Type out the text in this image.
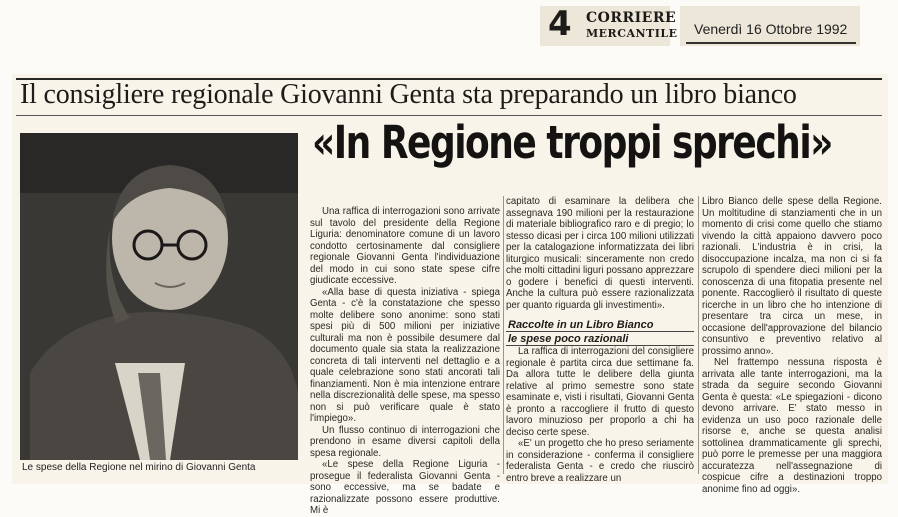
4 CORRIERE
MERCANTILE Venerdì 16 Ottobre 1992
Il consigliere regionale Giovanni Genta sta preparando un libro bianco
«In Regione troppi sprechi»
Le spese della Regione nel mirino di Giovanni Genta

Una raffica di interrogazioni sono arrivate sul tavolo del presidente della Regione Liguria: denominatore comune di un lavoro condotto certosinamente dal consigliere regionale Giovanni Genta l'individuazione del modo in cui sono state spese cifre giudicate eccessive.

«Alla base di questa iniziativa - spiega Genta - c'è la constatazione che spesso molte delibere sono anonime: sono stati spesi più di 500 milioni per iniziative culturali ma non è possibile desumere dal documento quale sia stata la realizzazione concreta di tali interventi nel dettaglio e a quale celebrazione sono stati ancorati tali finanziamenti. Non è mia intenzione entrare nella discrezionalità delle spese, ma spesso non si può verificare quale è stato l'impiego».

Un flusso continuo di interrogazioni che prendono in esame diversi capitoli della spesa regionale.

«Le spese della Regione Liguria - prosegue il federalista Giovanni Genta - sono eccessive, ma se badate e razionalizzate possono essere produttive. Mi è

capitato di esaminare la delibera che assegnava 190 milioni per la restaurazione di materiale bibliografico raro e di pregio; lo stesso dicasi per i circa 100 milioni utilizzati per la catalogazione informatizzata dei libri liturgico musicali: sinceramente non credo che molti cittadini liguri possano apprezzare o godere i benefici di questi interventi. Anche la cultura può essere razionalizzata per quanto riguarda gli investimenti».

Raccolte in un Libro Bianco
le spese poco razionali

La raffica di interrogazioni del consigliere regionale è partita circa due settimane fa. Da allora tutte le delibere della giunta relative al primo semestre sono state esaminate e, visti i risultati, Giovanni Genta è pronto a raccogliere il frutto di questo lavoro minuzioso per proporlo a chi ha deciso certe spese.

«E' un progetto che ho preso seriamente in considerazione - conferma il consigliere federalista Genta - e credo che riuscirò entro breve a realizzare un

Libro Bianco delle spese della Regione. Un moltitudine di stanziamenti che in un momento di crisi come quello che stiamo vivendo la città appaiono davvero poco razionali. L'industria è in crisi, la disoccupazione incalza, ma non ci si fa scrupolo di spendere dieci milioni per la conoscenza di una fitopatia presente nel ponente. Raccoglierò il risultato di queste ricerche in un libro che ho intenzione di presentare tra circa un mese, in occasione dell'approvazione del bilancio consuntivo e preventivo relativo al prossimo anno».

Nel frattempo nessuna risposta è arrivata alle tante interrogazioni, ma la strada da seguire secondo Giovanni Genta è questa: «Le spiegazioni - dicono devono arrivare. E' stato messo in evidenza un uso poco razionale delle risorse e, anche se questa analisi sottolinea drammaticamente gli sprechi, può porre le premesse per una maggiora accuratezza nell'assegnazione di cospicue cifre a destinazioni troppo anonime fino ad oggi».
